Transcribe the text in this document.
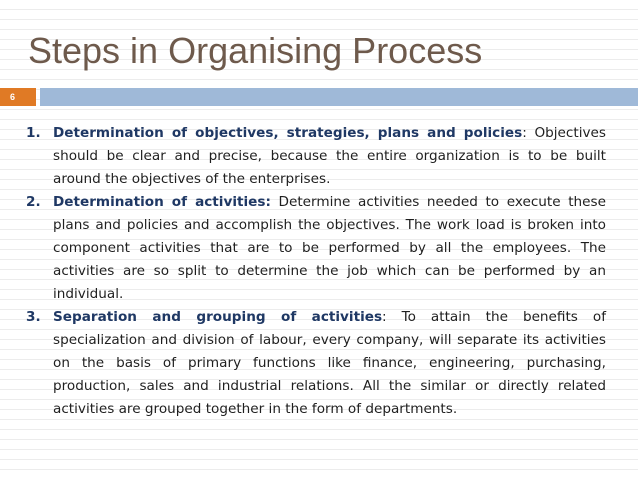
Steps in Organising Process
6
1. Determination of objectives, strategies, plans and policies: Objectives should be clear and precise, because the entire organization is to be built around the objectives of the enterprises.
2. Determination of activities: Determine activities needed to execute these plans and policies and accomplish the objectives. The work load is broken into component activities that are to be performed by all the employees. The activities are so split to determine the job which can be performed by an individual.
3. Separation and grouping of activities: To attain the benefits of specialization and division of labour, every company, will separate its activities on the basis of primary functions like finance, engineering, purchasing, production, sales and industrial relations. All the similar or directly related activities are grouped together in the form of departments.
